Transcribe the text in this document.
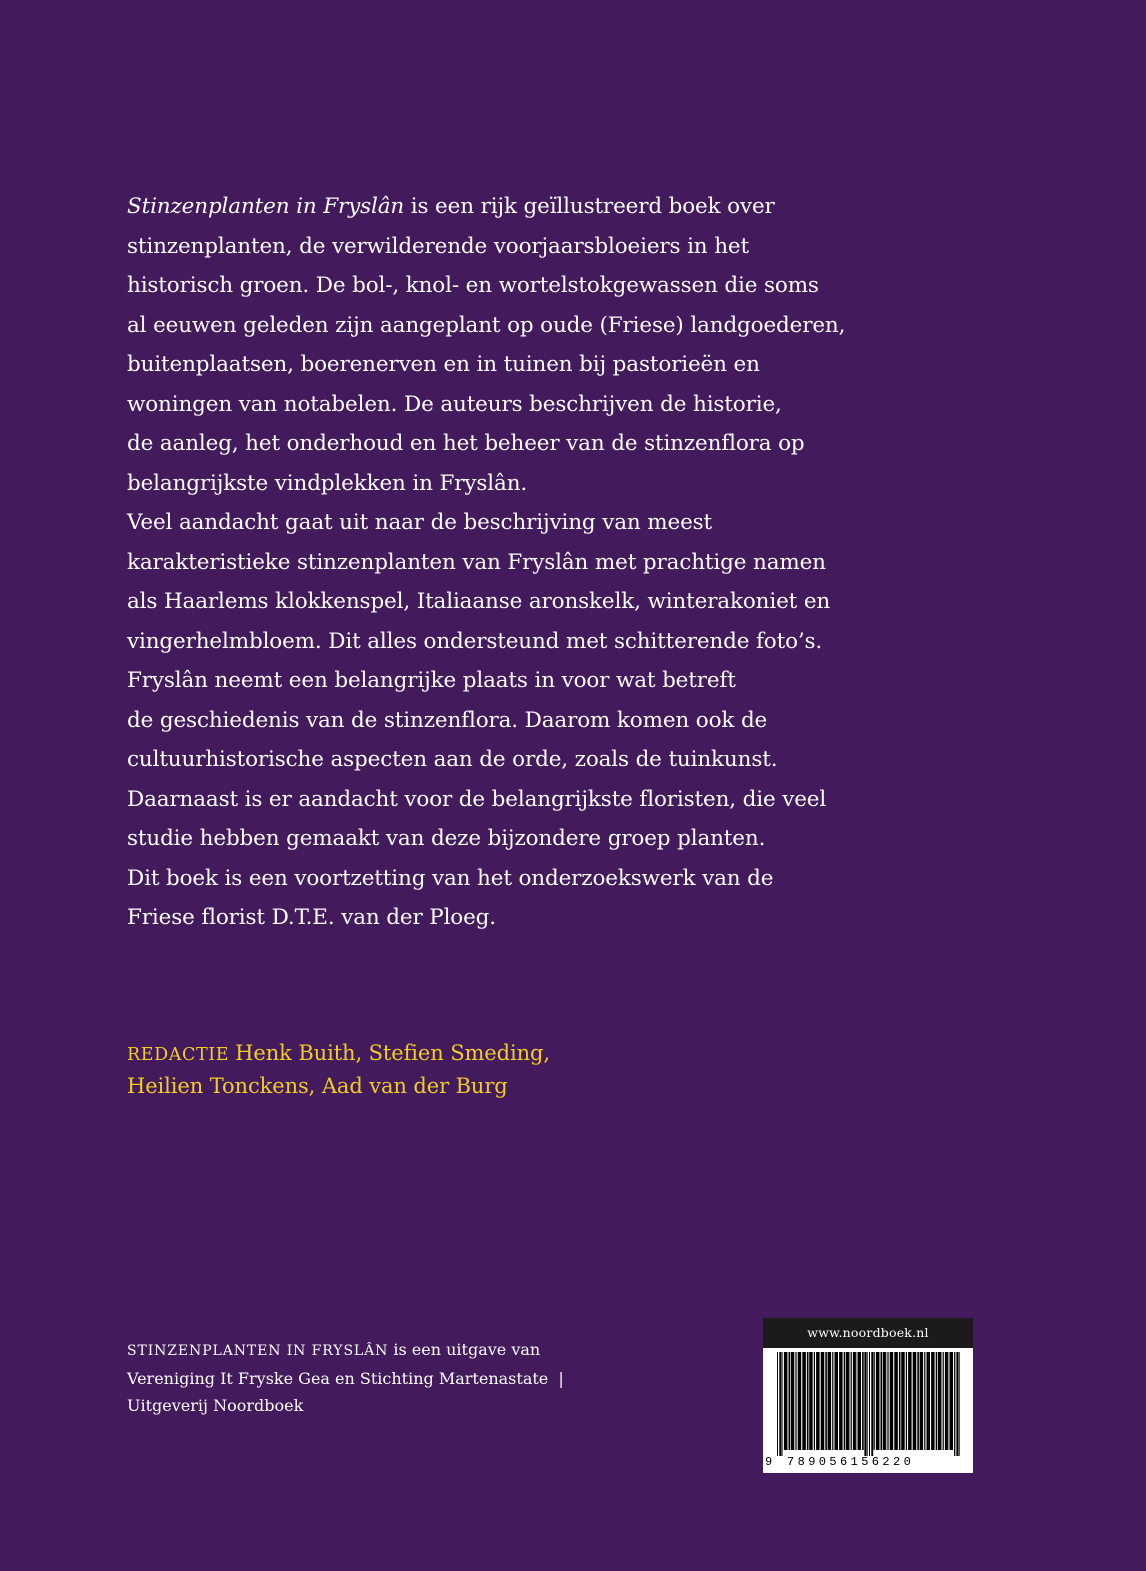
Stinzenplanten in Fryslân is een rijk geïllustreerd boek over
stinzenplanten, de verwilderende voorjaarsbloeiers in het
historisch groen. De bol-, knol- en wortelstokgewassen die soms
al eeuwen geleden zijn aangeplant op oude (Friese) landgoederen,
buitenplaatsen, boerenerven en in tuinen bij pastorieën en
woningen van notabelen. De auteurs beschrijven de historie,
de aanleg, het onderhoud en het beheer van de stinzenflora op
belangrijkste vindplekken in Fryslân.
Veel aandacht gaat uit naar de beschrijving van meest
karakteristieke stinzenplanten van Fryslân met prachtige namen
als Haarlems klokkenspel, Italiaanse aronskelk, winterakoniet en
vingerhelmbloem. Dit alles ondersteund met schitterende foto’s.
Fryslân neemt een belangrijke plaats in voor wat betreft
de geschiedenis van de stinzenflora. Daarom komen ook de
cultuurhistorische aspecten aan de orde, zoals de tuinkunst.
Daarnaast is er aandacht voor de belangrijkste floristen, die veel
studie hebben gemaakt van deze bijzondere groep planten.
Dit boek is een voortzetting van het onderzoekswerk van de
Friese florist D.T.E. van der Ploeg.
REDACTIE Henk Buith, Stefien Smeding,
Heilien Tonckens, Aad van der Burg
STINZENPLANTEN IN FRYSLÂN is een uitgave van
Vereniging It Fryske Gea en Stichting Martenastate |
Uitgeverij Noordboek
www.noordboek.nl
9 789056156220
